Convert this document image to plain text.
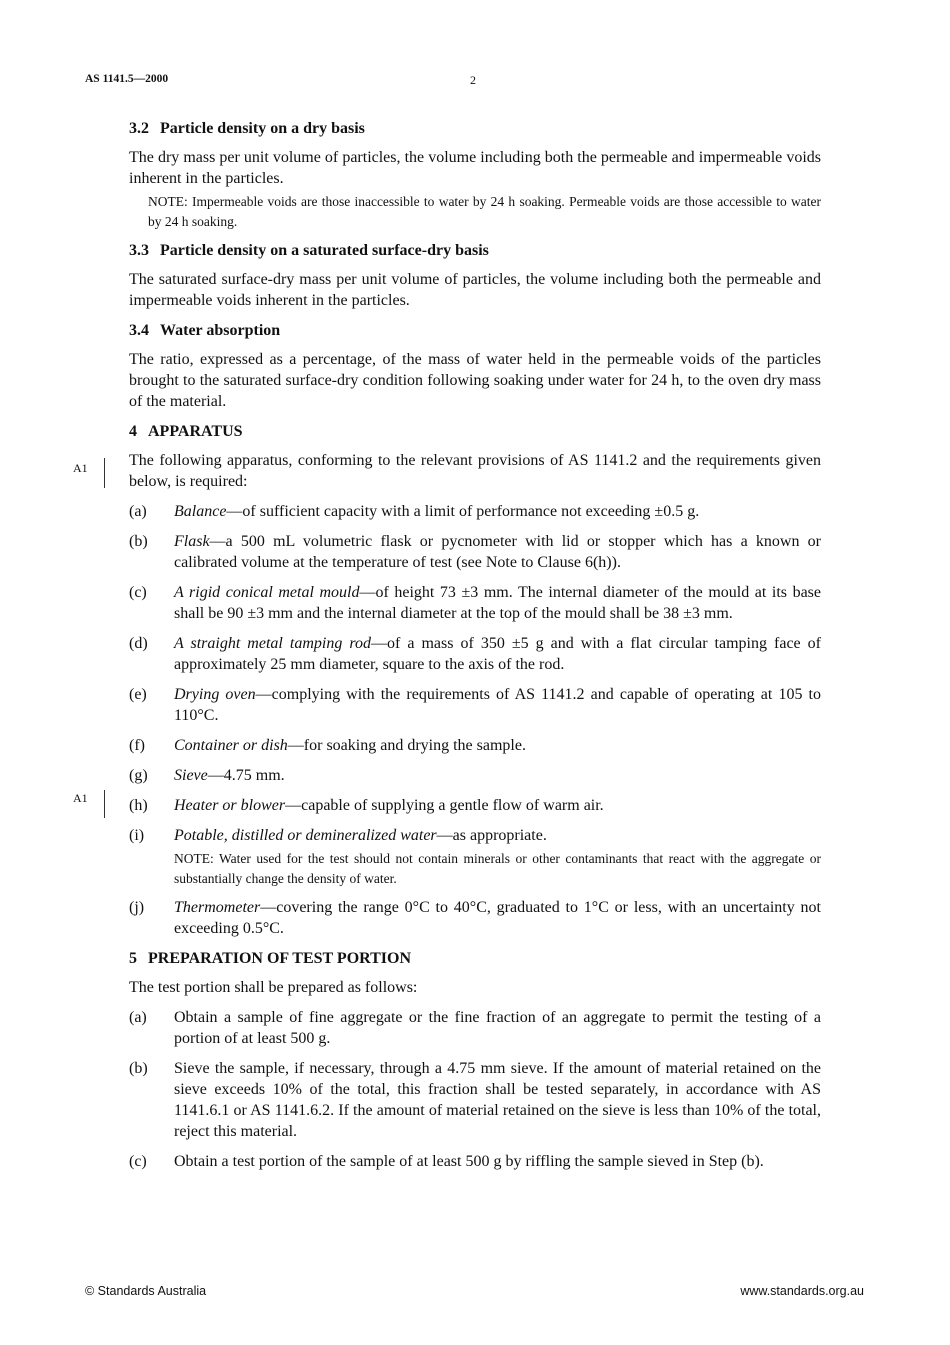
AS 1141.5—2000	2
A1
A1
3.2 Particle density on a dry basis

The dry mass per unit volume of particles, the volume including both the permeable and impermeable voids inherent in the particles.

NOTE: Impermeable voids are those inaccessible to water by 24 h soaking. Permeable voids are those accessible to water by 24 h soaking.

3.3 Particle density on a saturated surface-dry basis

The saturated surface-dry mass per unit volume of particles, the volume including both the permeable and impermeable voids inherent in the particles.

3.4 Water absorption

The ratio, expressed as a percentage, of the mass of water held in the permeable voids of the particles brought to the saturated surface-dry condition following soaking under water for 24 h, to the oven dry mass of the material.

4 APPARATUS

The following apparatus, conforming to the relevant provisions of AS 1141.2 and the requirements given below, is required:

(a)	Balance—of sufficient capacity with a limit of performance not exceeding ±0.5 g.
(b)	Flask—a 500 mL volumetric flask or pycnometer with lid or stopper which has a known or calibrated volume at the temperature of test (see Note to Clause 6(h)).
(c)	A rigid conical metal mould—of height 73 ±3 mm. The internal diameter of the mould at its base shall be 90 ±3 mm and the internal diameter at the top of the mould shall be 38 ±3 mm.
(d)	A straight metal tamping rod—of a mass of 350 ±5 g and with a flat circular tamping face of approximately 25 mm diameter, square to the axis of the rod.
(e)	Drying oven—complying with the requirements of AS 1141.2 and capable of operating at 105 to 110°C.
(f)	Container or dish—for soaking and drying the sample.
(g)	Sieve—4.75 mm.
(h)	Heater or blower—capable of supplying a gentle flow of warm air.
(i)	Potable, distilled or demineralized water—as appropriate.

NOTE: Water used for the test should not contain minerals or other contaminants that react with the aggregate or substantially change the density of water.

(j)	Thermometer—covering the range 0°C to 40°C, graduated to 1°C or less, with an uncertainty not exceeding 0.5°C.
5 PREPARATION OF TEST PORTION

The test portion shall be prepared as follows:

(a)	Obtain a sample of fine aggregate or the fine fraction of an aggregate to permit the testing of a portion of at least 500 g.
(b)	Sieve the sample, if necessary, through a 4.75 mm sieve. If the amount of material retained on the sieve exceeds 10% of the total, this fraction shall be tested separately, in accordance with AS 1141.6.1 or AS 1141.6.2. If the amount of material retained on the sieve is less than 10% of the total, reject this material.
(c)	Obtain a test portion of the sample of at least 500 g by riffling the sample sieved in Step (b).
© Standards Australia	www.standards.org.au
